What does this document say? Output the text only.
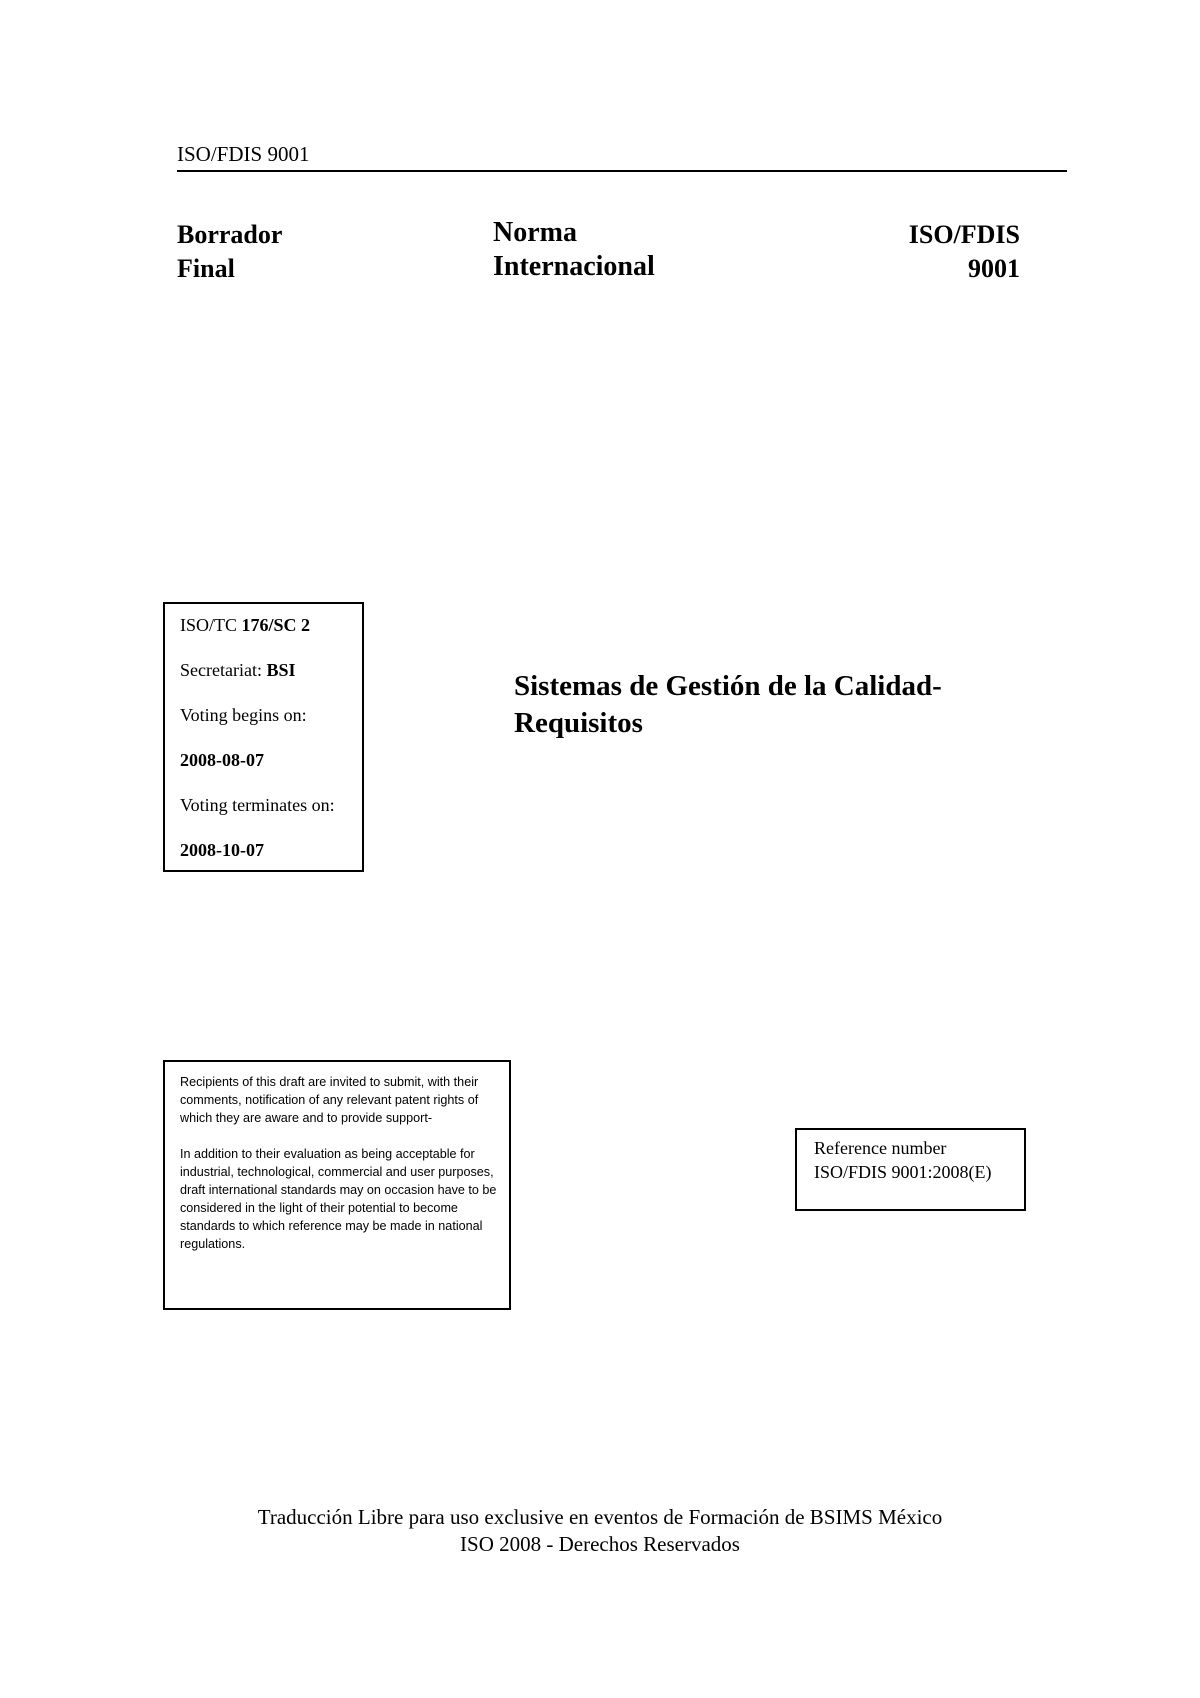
ISO/FDIS 9001
Borrador
Final
Norma
Internacional
ISO/FDIS
9001
ISO/TC 176/SC 2
Secretariat: BSI
Voting begins on:
2008-08-07
Voting terminates on:
2008-10-07
Sistemas de Gestión de la Calidad-
Requisitos

Recipients of this draft are invited to submit, with their comments, notification of any relevant patent rights of which they are aware and to provide support-

In addition to their evaluation as being acceptable for industrial, technological, commercial and user purposes, draft international standards may on occasion have to be considered in the light of their potential to become standards to which reference may be made in national regulations.

Reference number
ISO/FDIS 9001:2008(E)
Traducción Libre para uso exclusive en eventos de Formación de BSIMS México
ISO 2008 - Derechos Reservados
